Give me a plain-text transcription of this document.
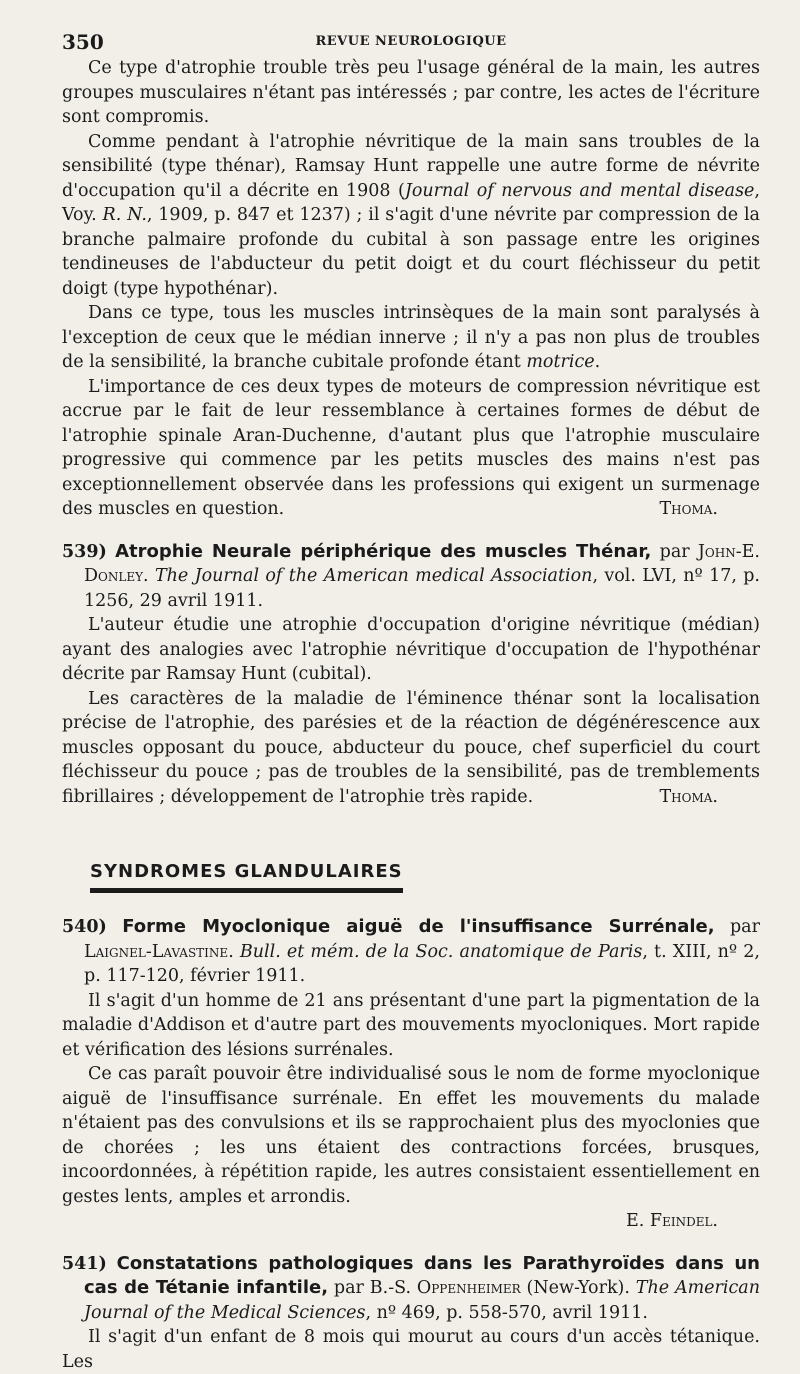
350	REVUE NEUROLOGIQUE

Ce type d'atrophie trouble très peu l'usage général de la main, les autres groupes musculaires n'étant pas intéressés ; par contre, les actes de l'écriture sont compromis.

Comme pendant à l'atrophie névritique de la main sans troubles de la sensibilité (type thénar), Ramsay Hunt rappelle une autre forme de névrite d'occupation qu'il a décrite en 1908 (Journal of nervous and mental disease, Voy. R. N., 1909, p. 847 et 1237) ; il s'agit d'une névrite par compression de la branche palmaire profonde du cubital à son passage entre les origines tendineuses de l'abducteur du petit doigt et du court fléchisseur du petit doigt (type hypothénar).

Dans ce type, tous les muscles intrinsèques de la main sont paralysés à l'exception de ceux que le médian innerve ; il n'y a pas non plus de troubles de la sensibilité, la branche cubitale profonde étant motrice.

L'importance de ces deux types de moteurs de compression névritique est accrue par le fait de leur ressemblance à certaines formes de début de l'atrophie spinale Aran-Duchenne, d'autant plus que l'atrophie musculaire progressive qui commence par les petits muscles des mains n'est pas exceptionnellement observée dans les professions qui exigent un surmenage des muscles en question.	Thoma.

539) Atrophie Neurale périphérique des muscles Thénar, par John-E. Donley. The Journal of the American medical Association, vol. LVI, nº 17, p. 1256, 29 avril 1911.

L'auteur étudie une atrophie d'occupation d'origine névritique (médian) ayant des analogies avec l'atrophie névritique d'occupation de l'hypothénar décrite par Ramsay Hunt (cubital).

Les caractères de la maladie de l'éminence thénar sont la localisation précise de l'atrophie, des parésies et de la réaction de dégénérescence aux muscles opposant du pouce, abducteur du pouce, chef superficiel du court fléchisseur du pouce ; pas de troubles de la sensibilité, pas de tremblements fibrillaires ; développement de l'atrophie très rapide.	Thoma.

SYNDROMES GLANDULAIRES

540) Forme Myoclonique aiguë de l'insuffisance Surrénale, par Laignel-Lavastine. Bull. et mém. de la Soc. anatomique de Paris, t. XIII, nº 2, p. 117-120, février 1911.

Il s'agit d'un homme de 21 ans présentant d'une part la pigmentation de la maladie d'Addison et d'autre part des mouvements myocloniques. Mort rapide et vérification des lésions surrénales.

Ce cas paraît pouvoir être individualisé sous le nom de forme myoclonique aiguë de l'insuffisance surrénale. En effet les mouvements du malade n'étaient pas des convulsions et ils se rapprochaient plus des myoclonies que de chorées ; les uns étaient des contractions forcées, brusques, incoordonnées, à répétition rapide, les autres consistaient essentiellement en gestes lents, amples et arrondis.

E. Feindel.

541) Constatations pathologiques dans les Parathyroïdes dans un cas de Tétanie infantile, par B.-S. Oppenheimer (New-York). The American Journal of the Medical Sciences, nº 469, p. 558-570, avril 1911.

Il s'agit d'un enfant de 8 mois qui mourut au cours d'un accès tétanique. Les
